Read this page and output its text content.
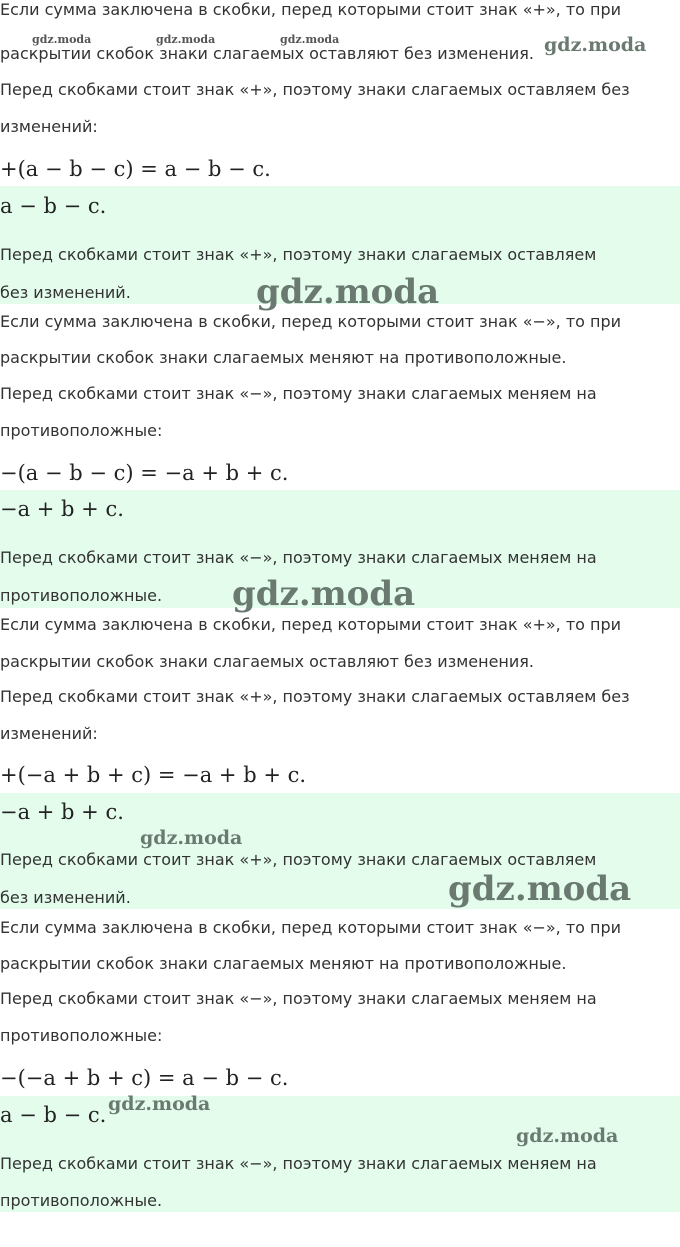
Если сумма заключена в скобки, перед которыми стоит знак «+», то при
раскрытии скобок знаки слагаемых оставляют без изменения.
Перед скобками стоит знак «+», поэтому знаки слагаемых оставляем без
изменений:
+(a − b − c) = a − b − c.
a − b − c.
Перед скобками стоит знак «+», поэтому знаки слагаемых оставляем
без изменений.
gdz.moda	gdz.moda	gdz.moda	gdz.moda
gdz.moda
Если сумма заключена в скобки, перед которыми стоит знак «−», то при
раскрытии скобок знаки слагаемых меняют на противоположные.
Перед скобками стоит знак «−», поэтому знаки слагаемых меняем на
противоположные:
−(a − b − c) = −a + b + c.
−a + b + c.
Перед скобками стоит знак «−», поэтому знаки слагаемых меняем на
противоположные. gdz.moda
Если сумма заключена в скобки, перед которыми стоит знак «+», то при
раскрытии скобок знаки слагаемых оставляют без изменения.
Перед скобками стоит знак «+», поэтому знаки слагаемых оставляем без
изменений:
+(−a + b + c) = −a + b + c.
−a + b + c.
Перед скобками стоит знак «+», поэтому знаки слагаемых оставляем
без изменений.
gdz.moda
gdz.moda
Если сумма заключена в скобки, перед которыми стоит знак «−», то при
раскрытии скобок знаки слагаемых меняют на противоположные.
Перед скобками стоит знак «−», поэтому знаки слагаемых меняем на
противоположные:
−(−a + b + c) = a − b − c.
a − b − c.
Перед скобками стоит знак «−», поэтому знаки слагаемых меняем на
противоположные.
gdz.moda
gdz.moda
